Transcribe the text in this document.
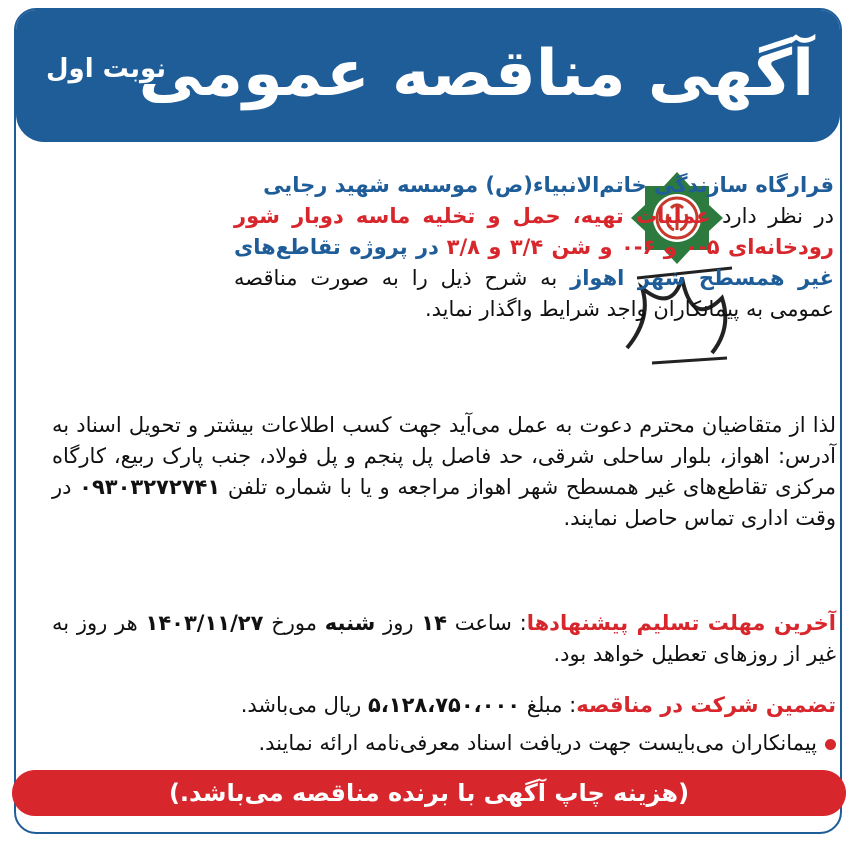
آگهی مناقصه عمومی
نوبت اول
قرارگاه سازندگی خاتم‌الانبیاء(ص) موسسه شهید رجایی
در نظر دارد عملیات تهیه، حمل و تخلیه ماسه دوبار شور رودخانه‌ای ۵-۰ و ۶-۰ و شن ۳/۴ و ۳/۸ در پروژه تقاطع‌های غیر همسطح شهر اهواز به شرح ذیل را به صورت مناقصه عمومی به پیمانکاران واجد شرایط واگذار نماید.
لذا از متقاضیان محترم دعوت به عمل می‌آید جهت کسب اطلاعات بیشتر و تحویل اسناد به آدرس: اهواز، بلوار ساحلی شرقی، حد فاصل پل پنجم و پل فولاد، جنب پارک ربیع، کارگاه مرکزی تقاطع‌های غیر همسطح شهر اهواز مراجعه و یا با شماره تلفن ۰۹۳۰۳۲۷۲۷۴۱ در وقت اداری تماس حاصل نمایند.
آخرین مهلت تسلیم پیشنهادها: ساعت ۱۴ روز شنبه مورخ ۱۴۰۳/۱۱/۲۷ هر روز به غیر از روزهای تعطیل خواهد بود.
تضمین شرکت در مناقصه: مبلغ ۵،۱۲۸،۷۵۰،۰۰۰ ریال می‌باشد.
پیمانکاران می‌بایست جهت دریافت اسناد معرفی‌نامه ارائه نمایند.
(هزینه چاپ آگهی با برنده مناقصه می‌باشد.)
